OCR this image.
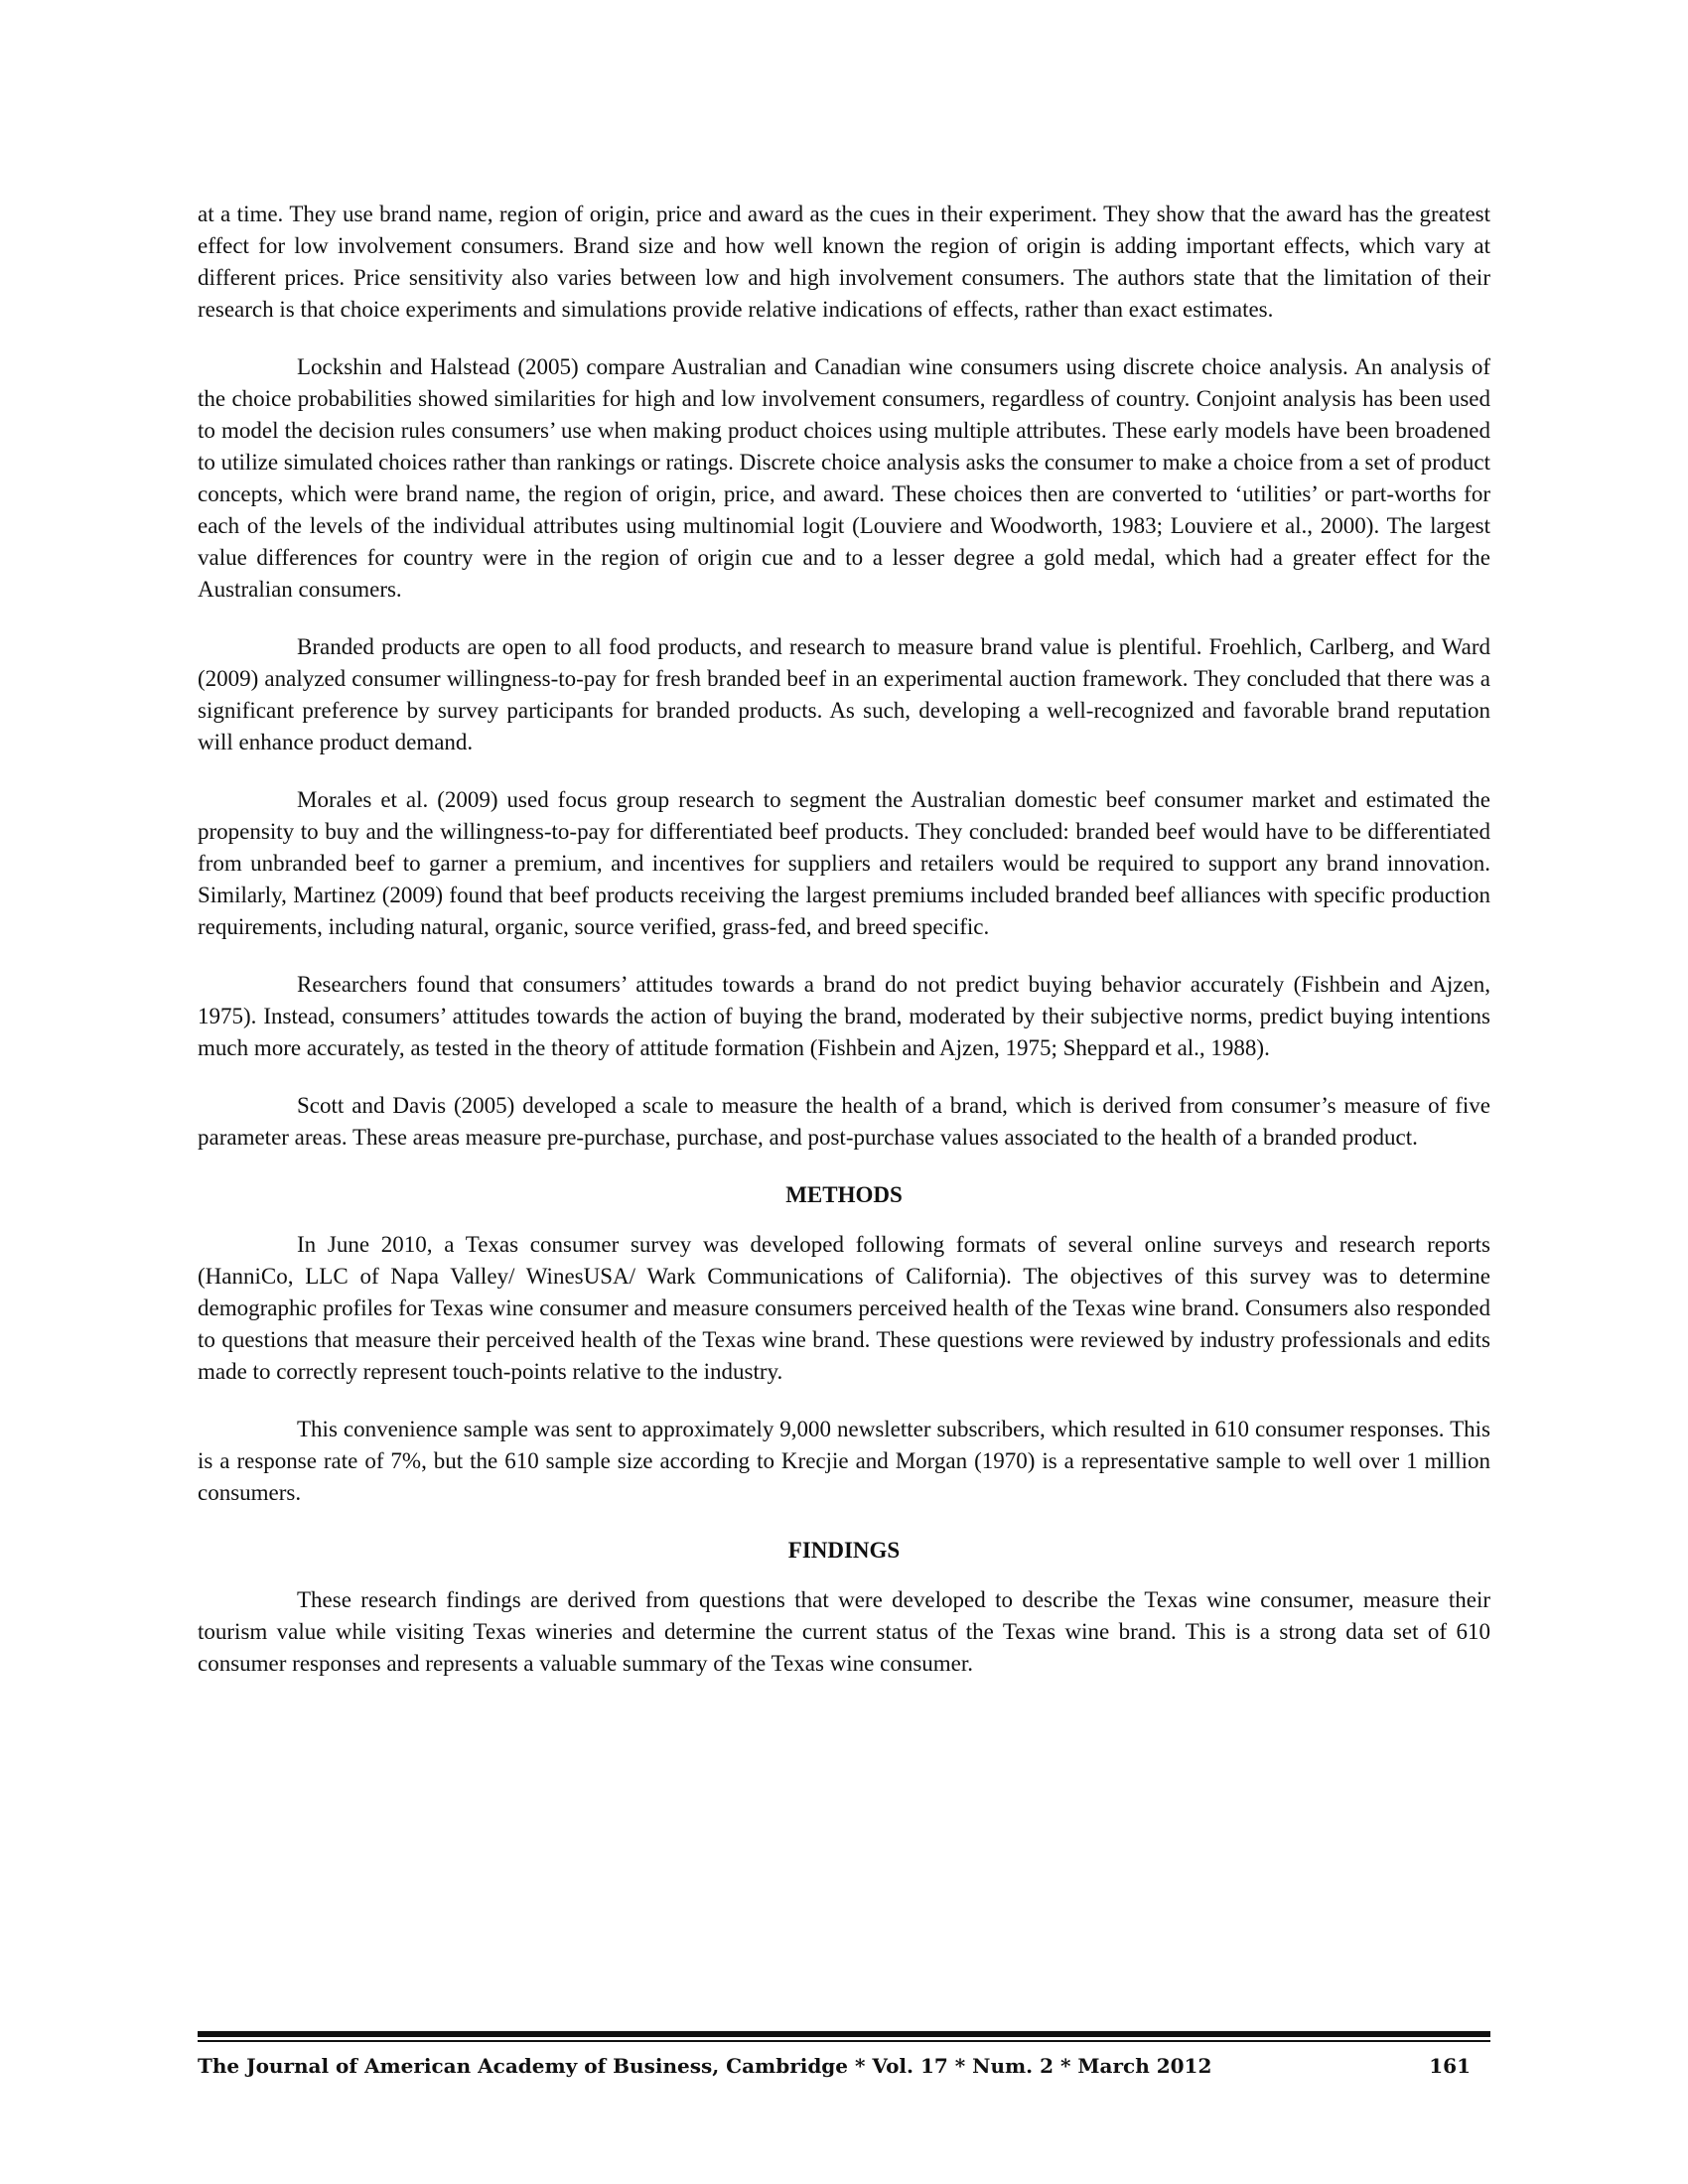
at a time. They use brand name, region of origin, price and award as the cues in their experiment. They show that the award has the greatest effect for low involvement consumers. Brand size and how well known the region of origin is adding important effects, which vary at different prices. Price sensitivity also varies between low and high involvement consumers. The authors state that the limitation of their research is that choice experiments and simulations provide relative indications of effects, rather than exact estimates.

Lockshin and Halstead (2005) compare Australian and Canadian wine consumers using discrete choice analysis. An analysis of the choice probabilities showed similarities for high and low involvement consumers, regardless of country. Conjoint analysis has been used to model the decision rules consumers’ use when making product choices using multiple attributes. These early models have been broadened to utilize simulated choices rather than rankings or ratings. Discrete choice analysis asks the consumer to make a choice from a set of product concepts, which were brand name, the region of origin, price, and award. These choices then are converted to ‘utilities’ or part-worths for each of the levels of the individual attributes using multinomial logit (Louviere and Woodworth, 1983; Louviere et al., 2000). The largest value differences for country were in the region of origin cue and to a lesser degree a gold medal, which had a greater effect for the Australian consumers.

Branded products are open to all food products, and research to measure brand value is plentiful. Froehlich, Carlberg, and Ward (2009) analyzed consumer willingness-to-pay for fresh branded beef in an experimental auction framework. They concluded that there was a significant preference by survey participants for branded products. As such, developing a well-recognized and favorable brand reputation will enhance product demand.

Morales et al. (2009) used focus group research to segment the Australian domestic beef consumer market and estimated the propensity to buy and the willingness-to-pay for differentiated beef products. They concluded: branded beef would have to be differentiated from unbranded beef to garner a premium, and incentives for suppliers and retailers would be required to support any brand innovation. Similarly, Martinez (2009) found that beef products receiving the largest premiums included branded beef alliances with specific production requirements, including natural, organic, source verified, grass-fed, and breed specific.

Researchers found that consumers’ attitudes towards a brand do not predict buying behavior accurately (Fishbein and Ajzen, 1975). Instead, consumers’ attitudes towards the action of buying the brand, moderated by their subjective norms, predict buying intentions much more accurately, as tested in the theory of attitude formation (Fishbein and Ajzen, 1975; Sheppard et al., 1988).

Scott and Davis (2005) developed a scale to measure the health of a brand, which is derived from consumer’s measure of five parameter areas. These areas measure pre-purchase, purchase, and post-purchase values associated to the health of a branded product.

METHODS

In June 2010, a Texas consumer survey was developed following formats of several online surveys and research reports (HanniCo, LLC of Napa Valley/ WinesUSA/ Wark Communications of California). The objectives of this survey was to determine demographic profiles for Texas wine consumer and measure consumers perceived health of the Texas wine brand. Consumers also responded to questions that measure their perceived health of the Texas wine brand. These questions were reviewed by industry professionals and edits made to correctly represent touch-points relative to the industry.

This convenience sample was sent to approximately 9,000 newsletter subscribers, which resulted in 610 consumer responses. This is a response rate of 7%, but the 610 sample size according to Krecjie and Morgan (1970) is a representative sample to well over 1 million consumers.

FINDINGS

These research findings are derived from questions that were developed to describe the Texas wine consumer, measure their tourism value while visiting Texas wineries and determine the current status of the Texas wine brand. This is a strong data set of 610 consumer responses and represents a valuable summary of the Texas wine consumer.

The Journal of American Academy of Business, Cambridge * Vol. 17 * Num. 2 * March 2012	161
